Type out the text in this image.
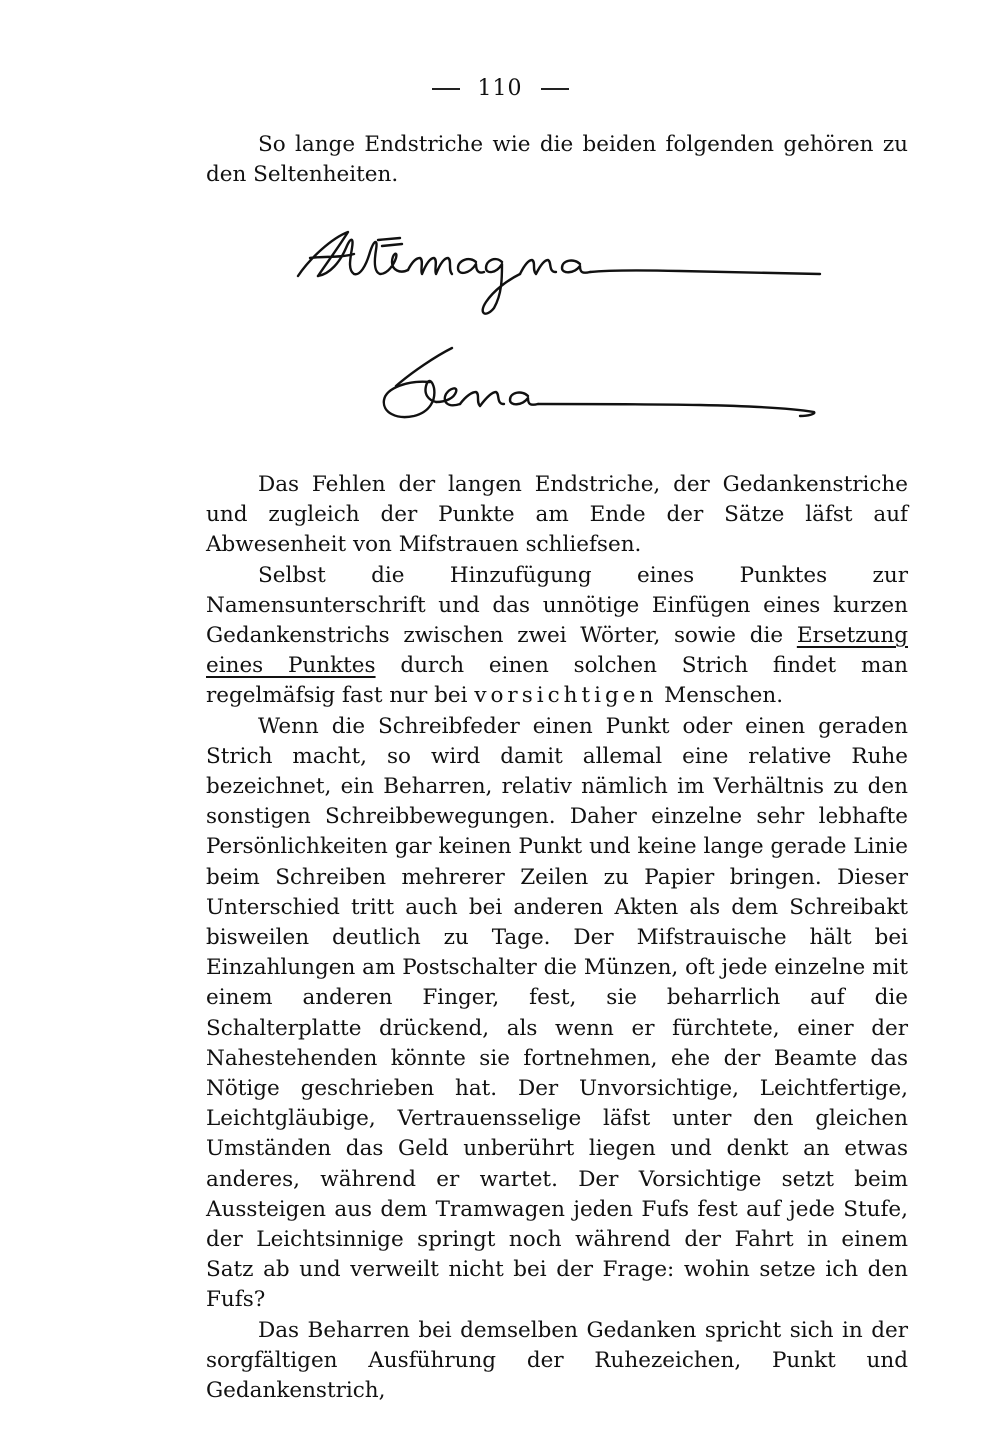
110

So lange Endstriche wie die beiden folgenden gehören zu den Seltenheiten.

Das Fehlen der langen Endstriche, der Gedankenstriche und zugleich der Punkte am Ende der Sätze läfst auf Abwesenheit von Mifstrauen schliefsen.

Selbst die Hinzufügung eines Punktes zur Namensunterschrift und das unnötige Einfügen eines kurzen Gedankenstrichs zwischen zwei Wörter, sowie die Ersetzung eines Punktes durch einen solchen Strich findet man regelmäfsig fast nur bei vorsichtigen Menschen.

Wenn die Schreibfeder einen Punkt oder einen geraden Strich macht, so wird damit allemal eine relative Ruhe bezeichnet, ein Beharren, relativ nämlich im Verhältnis zu den sonstigen Schreibbewegungen. Daher einzelne sehr lebhafte Persönlichkeiten gar keinen Punkt und keine lange gerade Linie beim Schreiben mehrerer Zeilen zu Papier bringen. Dieser Unterschied tritt auch bei anderen Akten als dem Schreibakt bisweilen deutlich zu Tage. Der Mifstrauische hält bei Einzahlungen am Postschalter die Münzen, oft jede einzelne mit einem anderen Finger, fest, sie beharrlich auf die Schalterplatte drückend, als wenn er fürchtete, einer der Nahestehenden könnte sie fortnehmen, ehe der Beamte das Nötige geschrieben hat. Der Unvorsichtige, Leichtfertige, Leichtgläubige, Vertrauensselige läfst unter den gleichen Umständen das Geld unberührt liegen und denkt an etwas anderes, während er wartet. Der Vorsichtige setzt beim Aussteigen aus dem Tramwagen jeden Fufs fest auf jede Stufe, der Leichtsinnige springt noch während der Fahrt in einem Satz ab und verweilt nicht bei der Frage: wohin setze ich den Fufs?

Das Beharren bei demselben Gedanken spricht sich in der sorgfältigen Ausführung der Ruhezeichen, Punkt und Gedankenstrich,
